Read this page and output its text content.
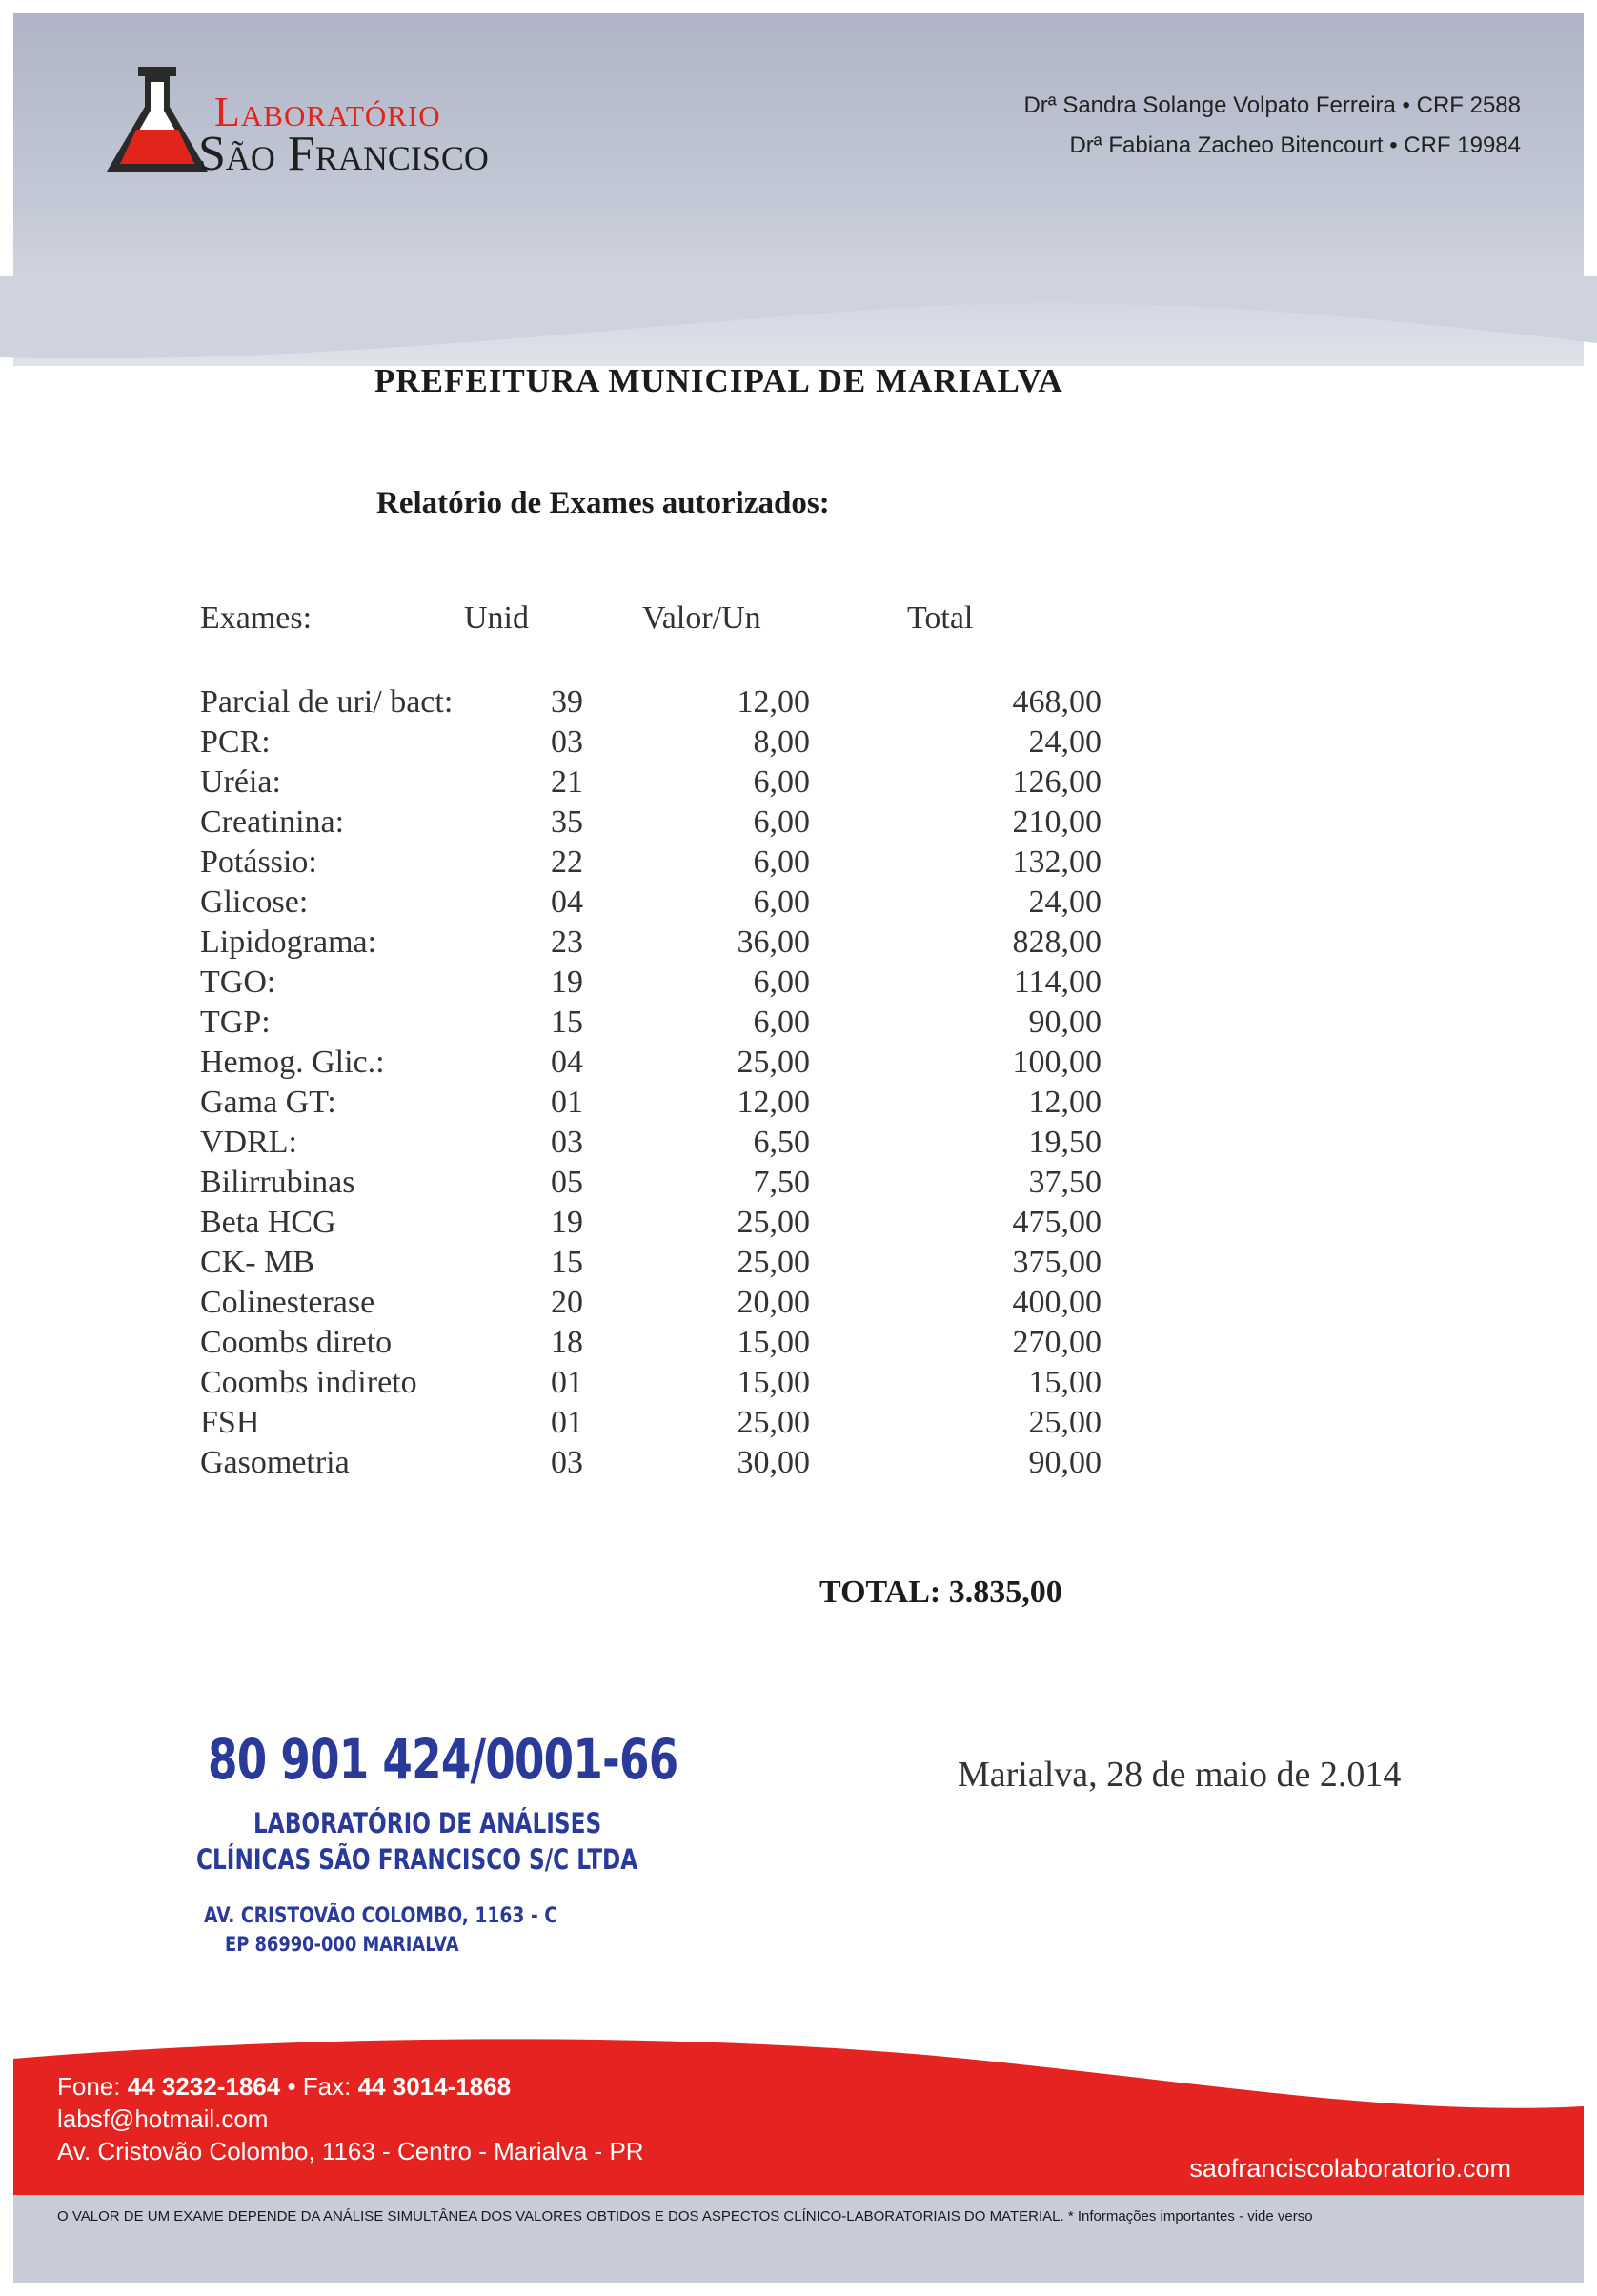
Laboratório
São Francisco
Drª Sandra Solange Volpato Ferreira • CRF 2588
Drª Fabiana Zacheo Bitencourt • CRF 19984
PREFEITURA MUNICIPAL DE MARIALVA
Relatório de Exames autorizados:
Exames:	Unid	Valor/Un	Total
Parcial de uri/ bact:	39	12,00	468,00
PCR:	03	8,00	24,00
Uréia:	21	6,00	126,00
Creatinina:	35	6,00	210,00
Potássio:	22	6,00	132,00
Glicose:	04	6,00	24,00
Lipidograma:	23	36,00	828,00
TGO:	19	6,00	114,00
TGP:	15	6,00	90,00
Hemog. Glic.:	04	25,00	100,00
Gama GT:	01	12,00	12,00
VDRL:	03	6,50	19,50
Bilirrubinas	05	7,50	37,50
Beta HCG	19	25,00	475,00
CK- MB	15	25,00	375,00
Colinesterase	20	20,00	400,00
Coombs direto	18	15,00	270,00
Coombs indireto	01	15,00	15,00
FSH	01	25,00	25,00
Gasometria	03	30,00	90,00
TOTAL: 3.835,00
80 901 424/0001-66
LABORATÓRIO DE ANÁLISES
CLÍNICAS SÃO FRANCISCO S/C LTDA
AV. CRISTOVÃO COLOMBO, 1163 - C
EP 86990-000 MARIALVA
Marialva, 28 de maio de 2.014
Fone: 44 3232-1864 • Fax: 44 3014-1868
labsf@hotmail.com
Av. Cristovão Colombo, 1163 - Centro - Marialva - PR
saofranciscolaboratorio.com
O VALOR DE UM EXAME DEPENDE DA ANÁLISE SIMULTÂNEA DOS VALORES OBTIDOS E DOS ASPECTOS CLÍNICO-LABORATORIAIS DO MATERIAL. * Informações importantes - vide verso
